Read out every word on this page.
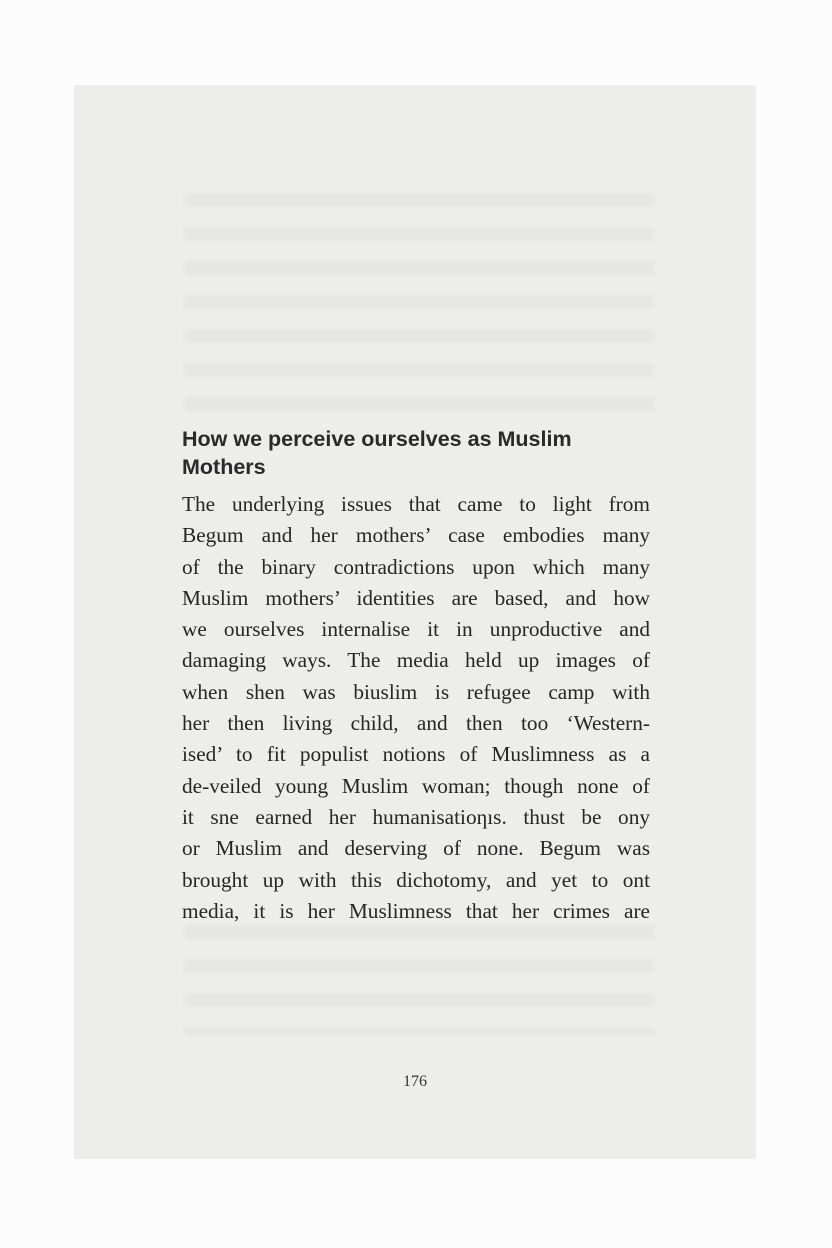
How we perceive ourselves as Muslim
Mothers
The underlying issues that came to light from
Begum and her mothers’ case embodies many
of the binary contradictions upon which many
Muslim mothers’ identities are based, and how
we ourselves internalise it in unproductive and
damaging ways. The media held up images of
when shen was biuslim is refugee camp with
her then living child, and then too ‘Western-
ised’ to fit populist notions of Muslimness as a
de-veiled young Muslim woman; though none of
it sne earned her humanisatioƞıs. thust be ony
or Muslim and deserving of none. Begum was
brought up with this dichotomy, and yet to ont
media, it is her Muslimness that her crimes are
176
